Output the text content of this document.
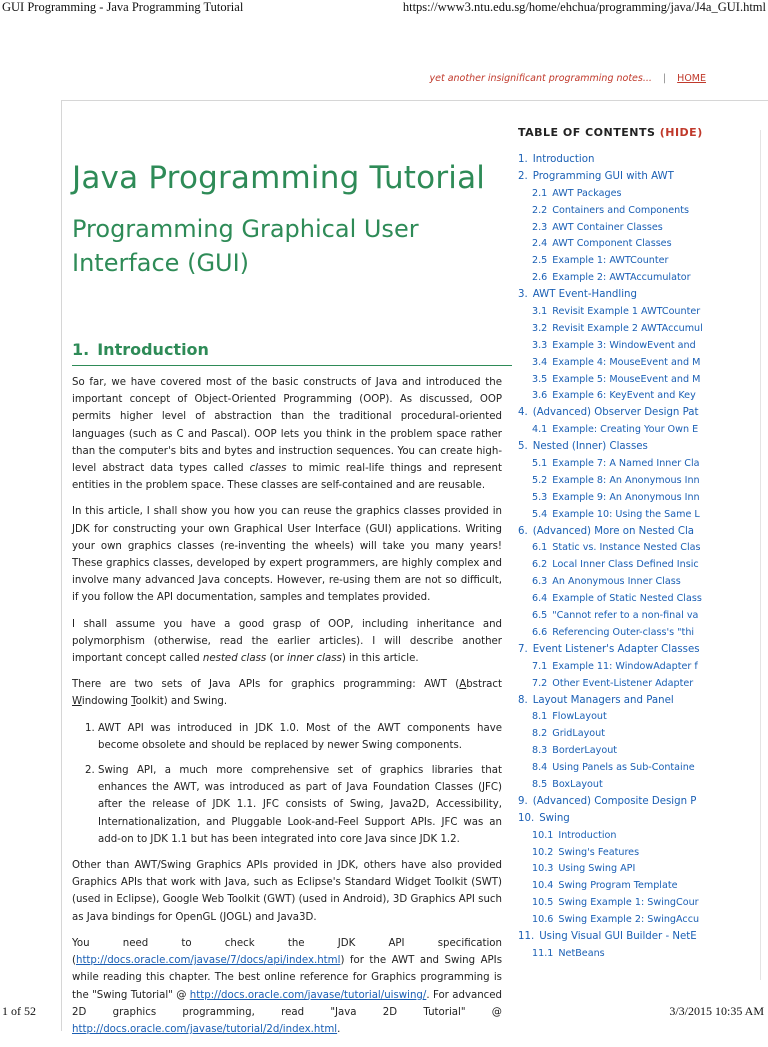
GUI Programming - Java Programming Tutorial	https://www3.ntu.edu.sg/home/ehchua/programming/java/J4a_GUI.html
yet another insignificant programming notes... | HOME
Java Programming Tutorial
Programming Graphical User Interface (GUI)
1. Introduction

So far, we have covered most of the basic constructs of Java and introduced the important concept of Object-Oriented Programming (OOP). As discussed, OOP permits higher level of abstraction than the traditional procedural-oriented languages (such as C and Pascal). OOP lets you think in the problem space rather than the computer's bits and bytes and instruction sequences. You can create high-level abstract data types called classes to mimic real-life things and represent entities in the problem space. These classes are self-contained and are reusable.

In this article, I shall show you how you can reuse the graphics classes provided in JDK for constructing your own Graphical User Interface (GUI) applications. Writing your own graphics classes (re-inventing the wheels) will take you many years! These graphics classes, developed by expert programmers, are highly complex and involve many advanced Java concepts. However, re-using them are not so difficult, if you follow the API documentation, samples and templates provided.

I shall assume you have a good grasp of OOP, including inheritance and polymorphism (otherwise, read the earlier articles). I will describe another important concept called nested class (or inner class) in this article.

There are two sets of Java APIs for graphics programming: AWT (Abstract Windowing Toolkit) and Swing.

1. AWT API was introduced in JDK 1.0. Most of the AWT components have become obsolete and should be replaced by newer Swing components.
2. Swing API, a much more comprehensive set of graphics libraries that enhances the AWT, was introduced as part of Java Foundation Classes (JFC) after the release of JDK 1.1. JFC consists of Swing, Java2D, Accessibility, Internationalization, and Pluggable Look-and-Feel Support APIs. JFC was an add-on to JDK 1.1 but has been integrated into core Java since JDK 1.2.

Other than AWT/Swing Graphics APIs provided in JDK, others have also provided Graphics APIs that work with Java, such as Eclipse's Standard Widget Toolkit (SWT) (used in Eclipse), Google Web Toolkit (GWT) (used in Android), 3D Graphics API such as Java bindings for OpenGL (JOGL) and Java3D.

You need to check the JDK API specification (http://docs.oracle.com/javase/7/docs/api/index.html) for the AWT and Swing APIs while reading this chapter. The best online reference for Graphics programming is the "Swing Tutorial" @ http://docs.oracle.com/javase/tutorial/uiswing/. For advanced 2D graphics programming, read "Java 2D Tutorial" @ http://docs.oracle.com/javase/tutorial/2d/index.html.

TABLE OF CONTENTS (HIDE)
1. Introduction
2. Programming GUI with AWT
2.1 AWT Packages
2.2 Containers and Components
2.3 AWT Container Classes
2.4 AWT Component Classes
2.5 Example 1: AWTCounter
2.6 Example 2: AWTAccumulator
3. AWT Event-Handling
3.1 Revisit Example 1 AWTCounter
3.2 Revisit Example 2 AWTAccumul
3.3 Example 3: WindowEvent and
3.4 Example 4: MouseEvent and M
3.5 Example 5: MouseEvent and M
3.6 Example 6: KeyEvent and Key
4. (Advanced) Observer Design Pat
4.1 Example: Creating Your Own E
5. Nested (Inner) Classes
5.1 Example 7: A Named Inner Cla
5.2 Example 8: An Anonymous Inn
5.3 Example 9: An Anonymous Inn
5.4 Example 10: Using the Same L
6. (Advanced) More on Nested Cla
6.1 Static vs. Instance Nested Clas
6.2 Local Inner Class Defined Insic
6.3 An Anonymous Inner Class
6.4 Example of Static Nested Class
6.5 "Cannot refer to a non-final va
6.6 Referencing Outer-class's "thi
7. Event Listener's Adapter Classes
7.1 Example 11: WindowAdapter f
7.2 Other Event-Listener Adapter
8. Layout Managers and Panel
8.1 FlowLayout
8.2 GridLayout
8.3 BorderLayout
8.4 Using Panels as Sub-Containe
8.5 BoxLayout
9. (Advanced) Composite Design P
10. Swing
10.1 Introduction
10.2 Swing's Features
10.3 Using Swing API
10.4 Swing Program Template
10.5 Swing Example 1: SwingCour
10.6 Swing Example 2: SwingAccu
11. Using Visual GUI Builder - NetE
11.1 NetBeans
1 of 52	3/3/2015 10:35 AM
